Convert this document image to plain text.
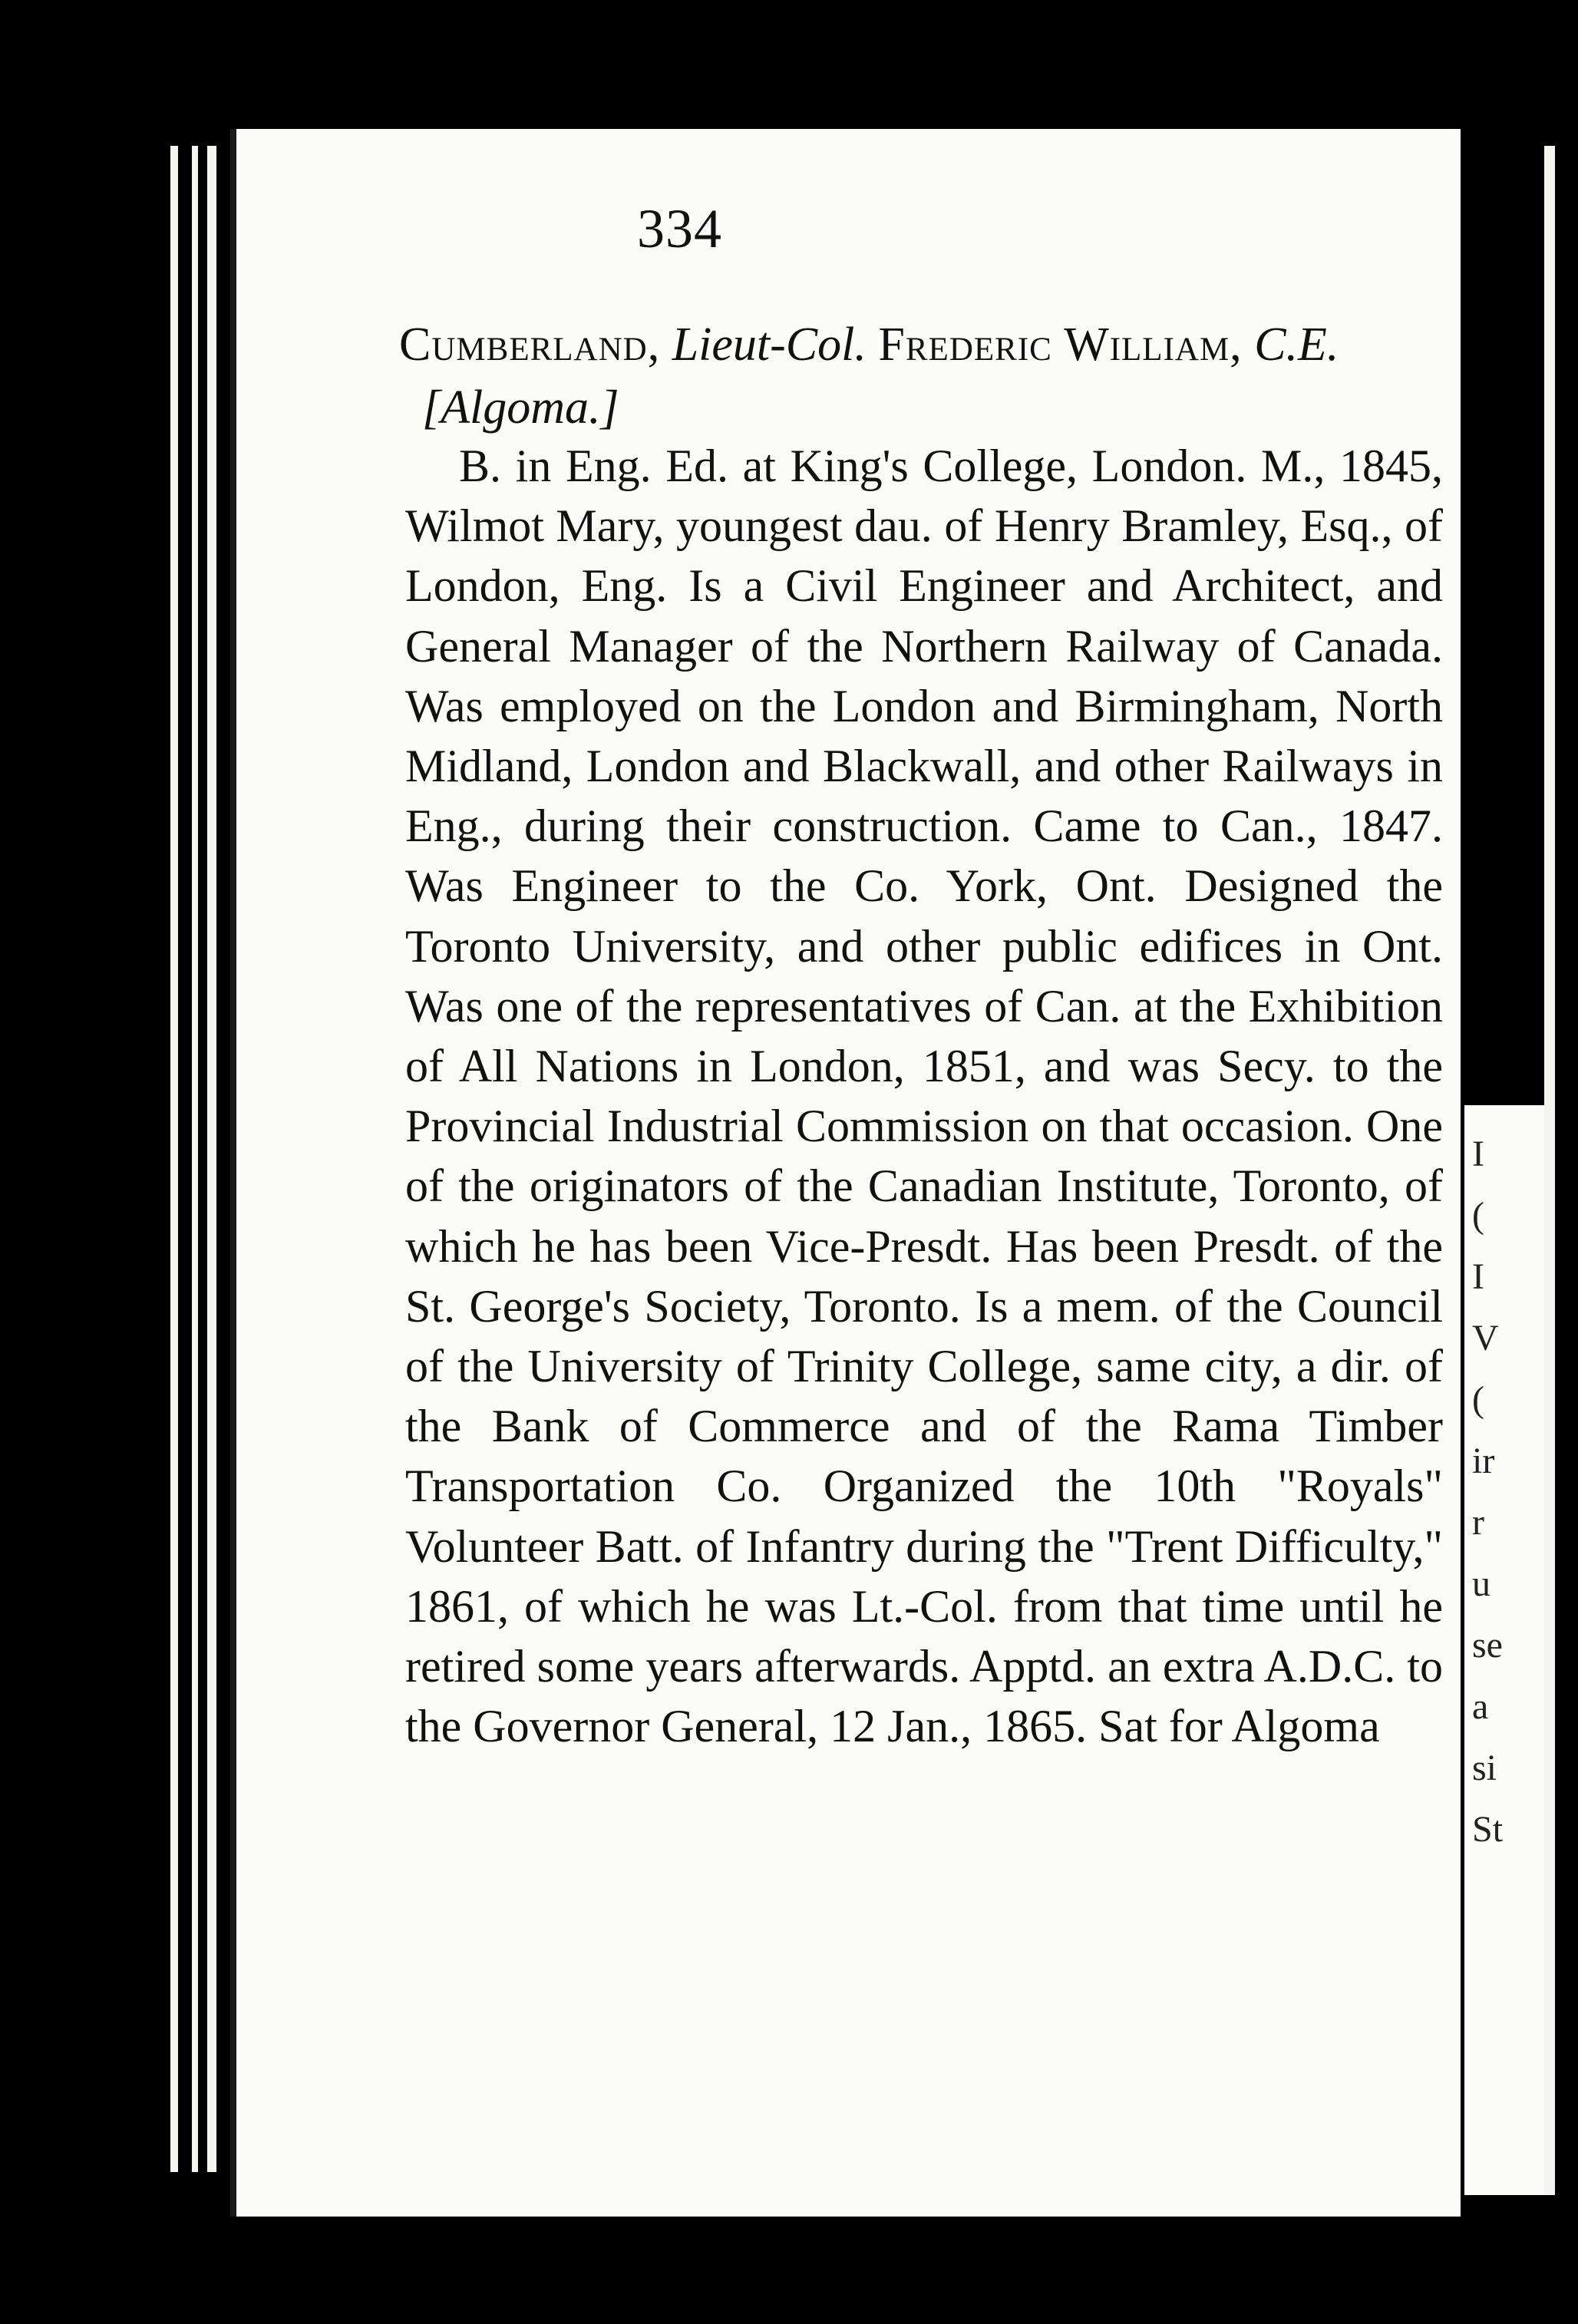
I
(
I
V
(
ir
r
u
se
a
si
St
334
Cumberland, Lieut-Col. Frederic William, C.E.
[Algoma.]

B. in Eng. Ed. at King's College, London. M., 1845, Wilmot Mary, youngest dau. of Henry Bramley, Esq., of London, Eng. Is a Civil Engineer and Architect, and General Manager of the Northern Railway of Canada. Was employed on the London and Birmingham, North Midland, London and Blackwall, and other Railways in Eng., during their construction. Came to Can., 1847. Was Engineer to the Co. York, Ont. Designed the Toronto University, and other public edifices in Ont. Was one of the representatives of Can. at the Exhibition of All Nations in London, 1851, and was Secy. to the Provincial Industrial Commission on that occasion. One of the originators of the Canadian Institute, Toronto, of which he has been Vice-Presdt. Has been Presdt. of the St. George's Society, Toronto. Is a mem. of the Council of the University of Trinity College, same city, a dir. of the Bank of Commerce and of the Rama Timber Transportation Co. Organized the 10th "Royals" Volunteer Batt. of Infantry during the "Trent Difficulty," 1861, of which he was Lt.-Col. from that time until he retired some years afterwards. Apptd. an extra A.D.C. to the Governor General, 12 Jan., 1865. Sat for Algoma
